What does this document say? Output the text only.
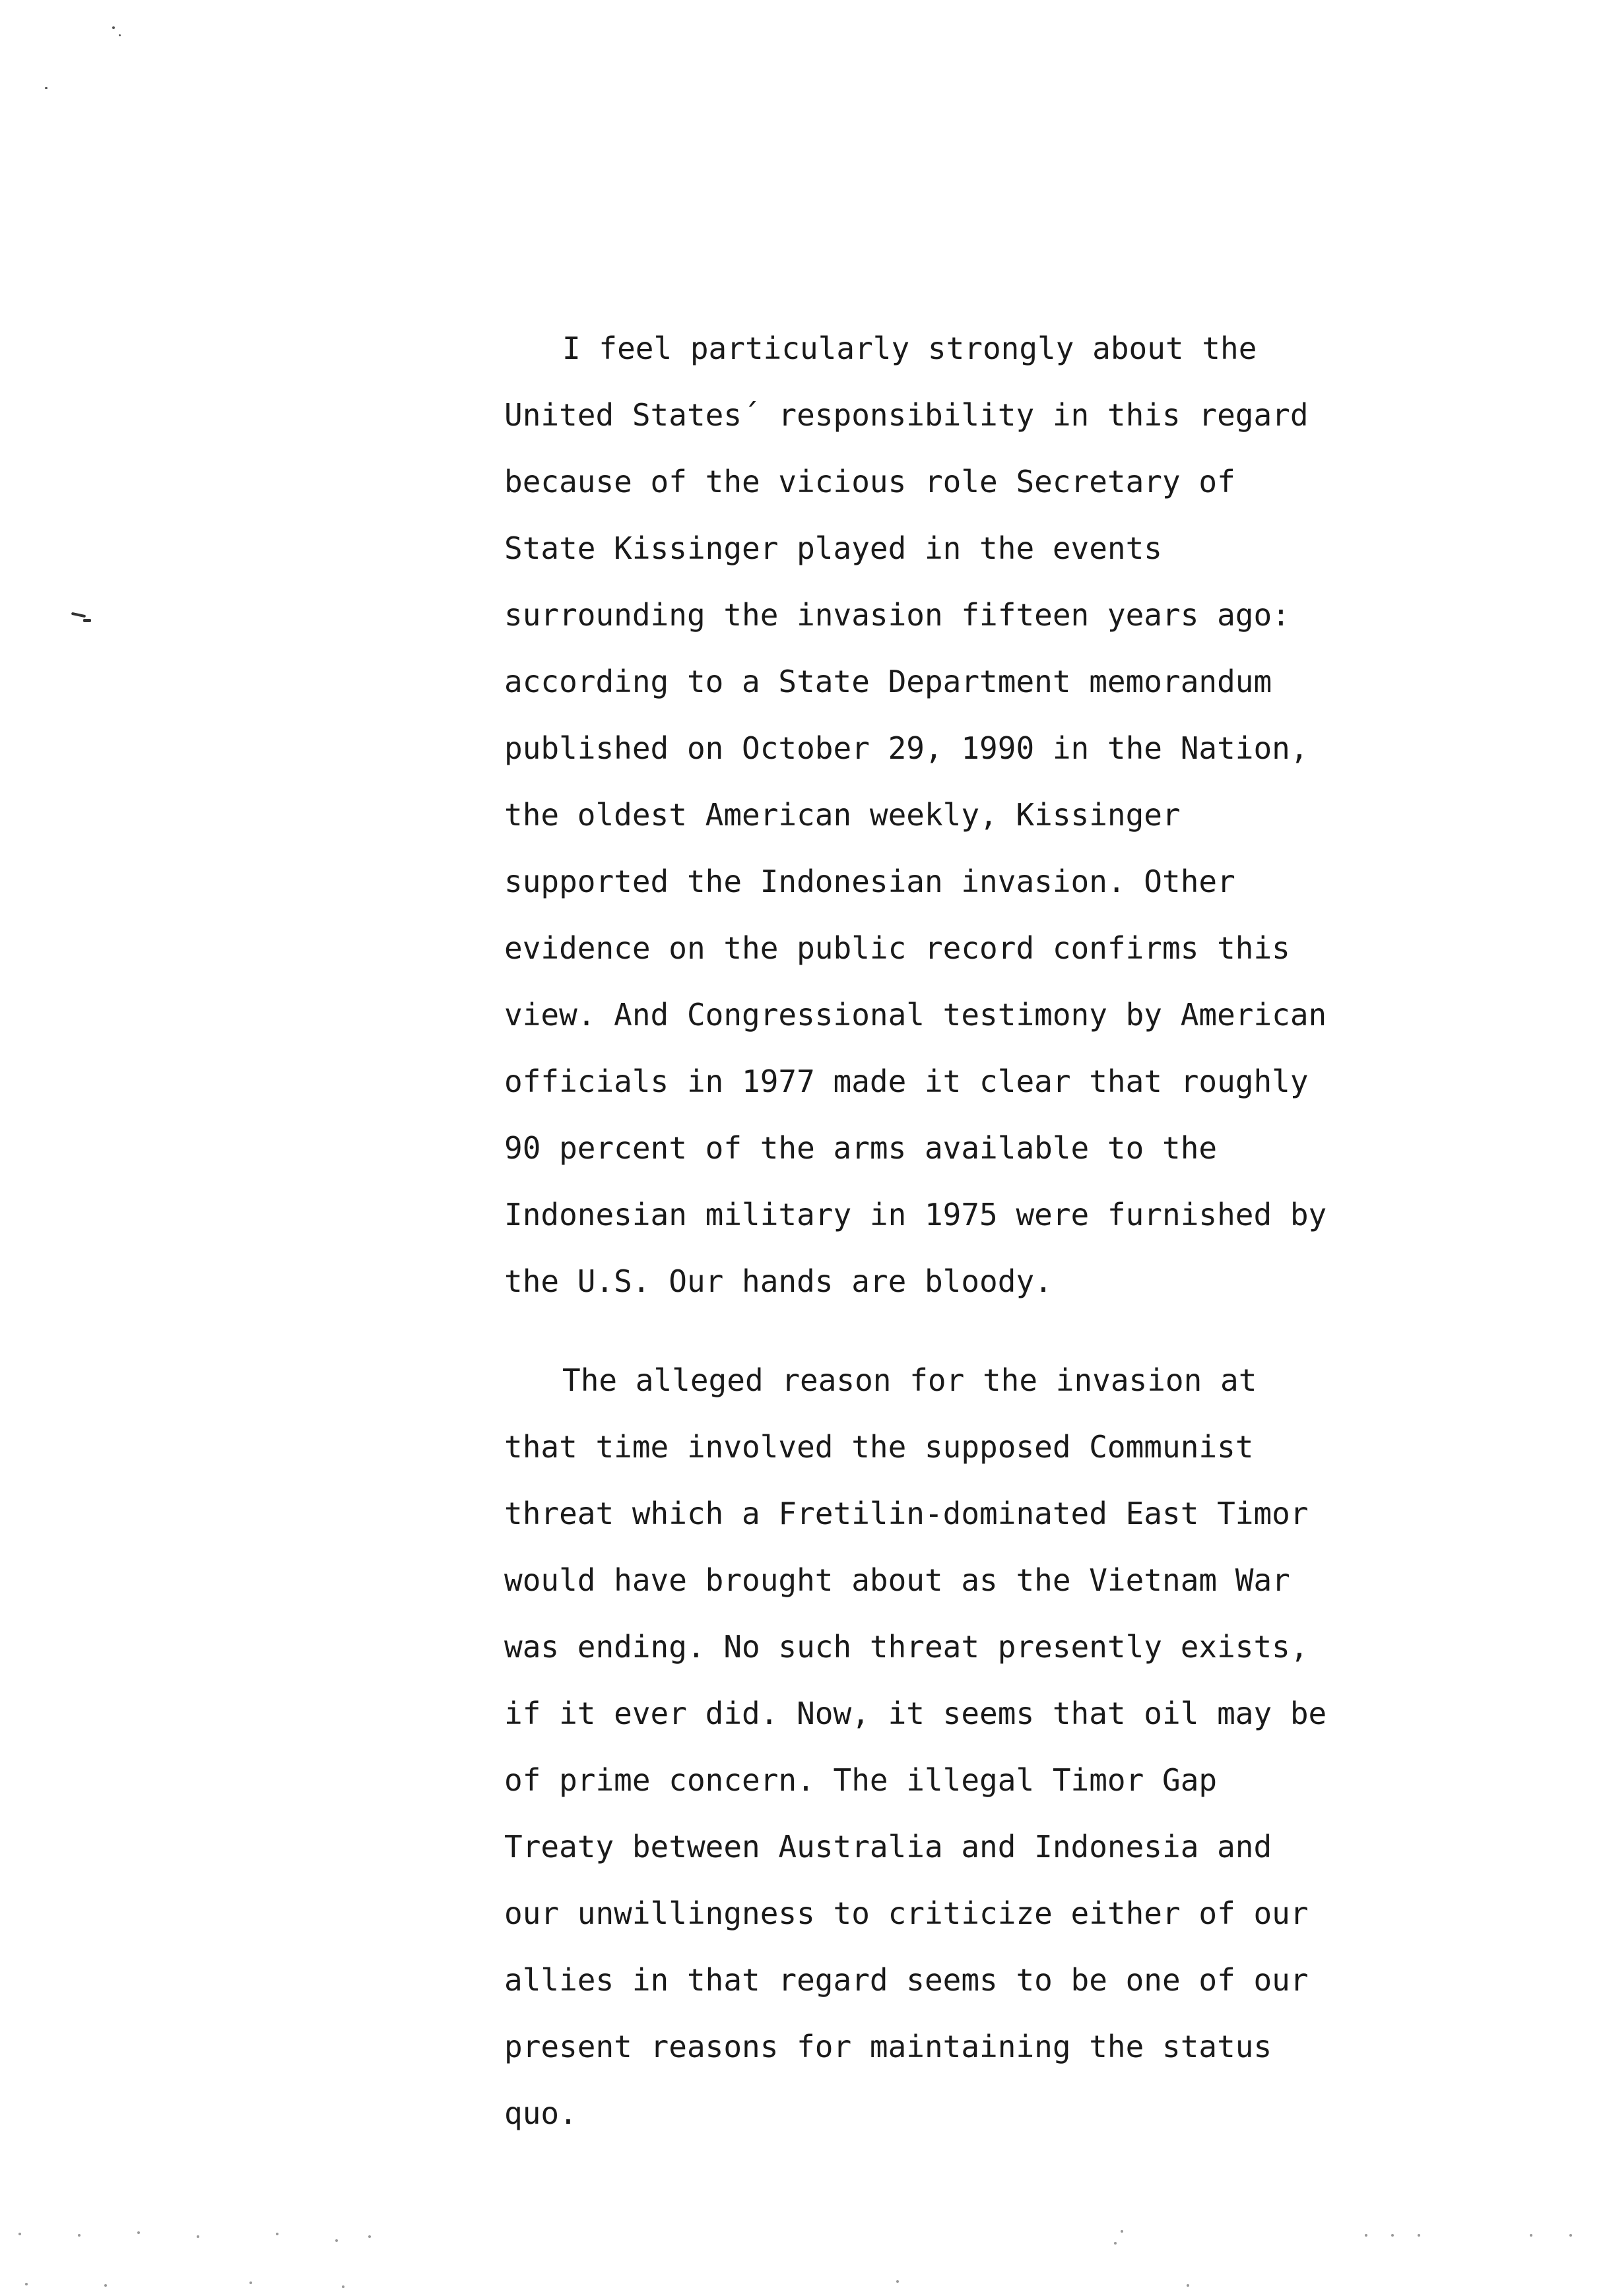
I feel particularly strongly about the
United States´ responsibility in this regard
because of the vicious role Secretary of
State Kissinger played in the events
surrounding the invasion fifteen years ago:
according to a State Department memorandum
published on October 29, 1990 in the Nation,
the oldest American weekly, Kissinger
supported the Indonesian invasion. Other
evidence on the public record confirms this
view. And Congressional testimony by American
officials in 1977 made it clear that roughly
90 percent of the arms available to the
Indonesian military in 1975 were furnished by
the U.S. Our hands are bloody.
The alleged reason for the invasion at
that time involved the supposed Communist
threat which a Fretilin-dominated East Timor
would have brought about as the Vietnam War
was ending. No such threat presently exists,
if it ever did. Now, it seems that oil may be
of prime concern. The illegal Timor Gap
Treaty between Australia and Indonesia and
our unwillingness to criticize either of our
allies in that regard seems to be one of our
present reasons for maintaining the status
quo.
